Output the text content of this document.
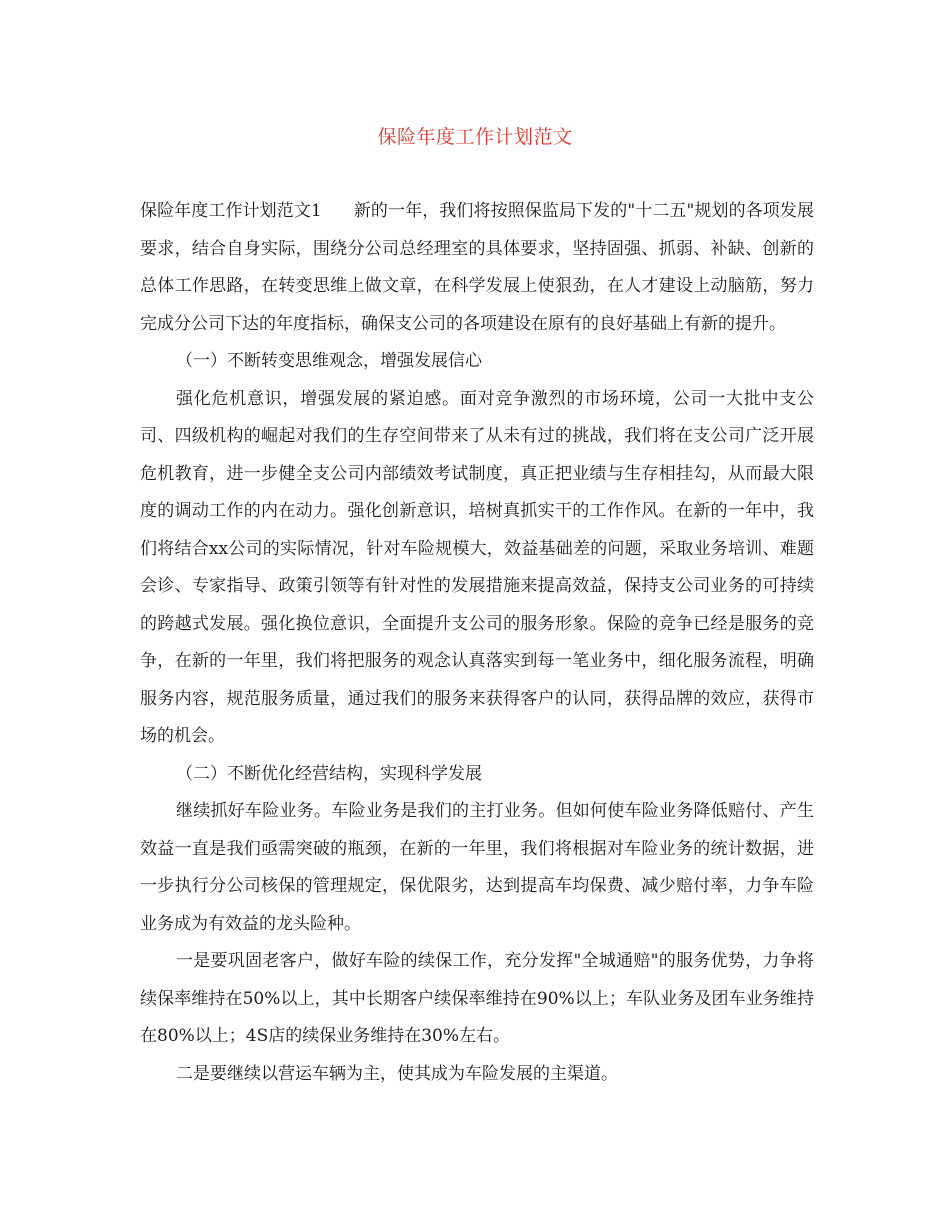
保险年度工作计划范文

保险年度工作计划范文1 新的一年，我们将按照保监局下发的"十二五"规划的各项发展要求，结合自身实际，围绕分公司总经理室的具体要求，坚持固强、抓弱、补缺、创新的总体工作思路，在转变思维上做文章，在科学发展上使狠劲，在人才建设上动脑筋，努力完成分公司下达的年度指标，确保支公司的各项建设在原有的良好基础上有新的提升。

（一）不断转变思维观念，增强发展信心

强化危机意识，增强发展的紧迫感。面对竞争激烈的市场环境，公司一大批中支公司、四级机构的崛起对我们的生存空间带来了从未有过的挑战，我们将在支公司广泛开展危机教育，进一步健全支公司内部绩效考试制度，真正把业绩与生存相挂勾，从而最大限度的调动工作的内在动力。强化创新意识，培树真抓实干的工作作风。在新的一年中，我们将结合xx公司的实际情况，针对车险规模大，效益基础差的问题，采取业务培训、难题会诊、专家指导、政策引领等有针对性的发展措施来提高效益，保持支公司业务的可持续的跨越式发展。强化换位意识，全面提升支公司的服务形象。保险的竞争已经是服务的竞争，在新的一年里，我们将把服务的观念认真落实到每一笔业务中，细化服务流程，明确服务内容，规范服务质量，通过我们的服务来获得客户的认同，获得品牌的效应，获得市场的机会。

（二）不断优化经营结构，实现科学发展

继续抓好车险业务。车险业务是我们的主打业务。但如何使车险业务降低赔付、产生效益一直是我们亟需突破的瓶颈，在新的一年里，我们将根据对车险业务的统计数据，进一步执行分公司核保的管理规定，保优限劣，达到提高车均保费、减少赔付率，力争车险业务成为有效益的龙头险种。

一是要巩固老客户，做好车险的续保工作，充分发挥"全城通赔"的服务优势，力争将续保率维持在50%以上，其中长期客户续保率维持在90%以上；车队业务及团车业务维持在80%以上；4S店的续保业务维持在30%左右。

二是要继续以营运车辆为主，使其成为车险发展的主渠道。
